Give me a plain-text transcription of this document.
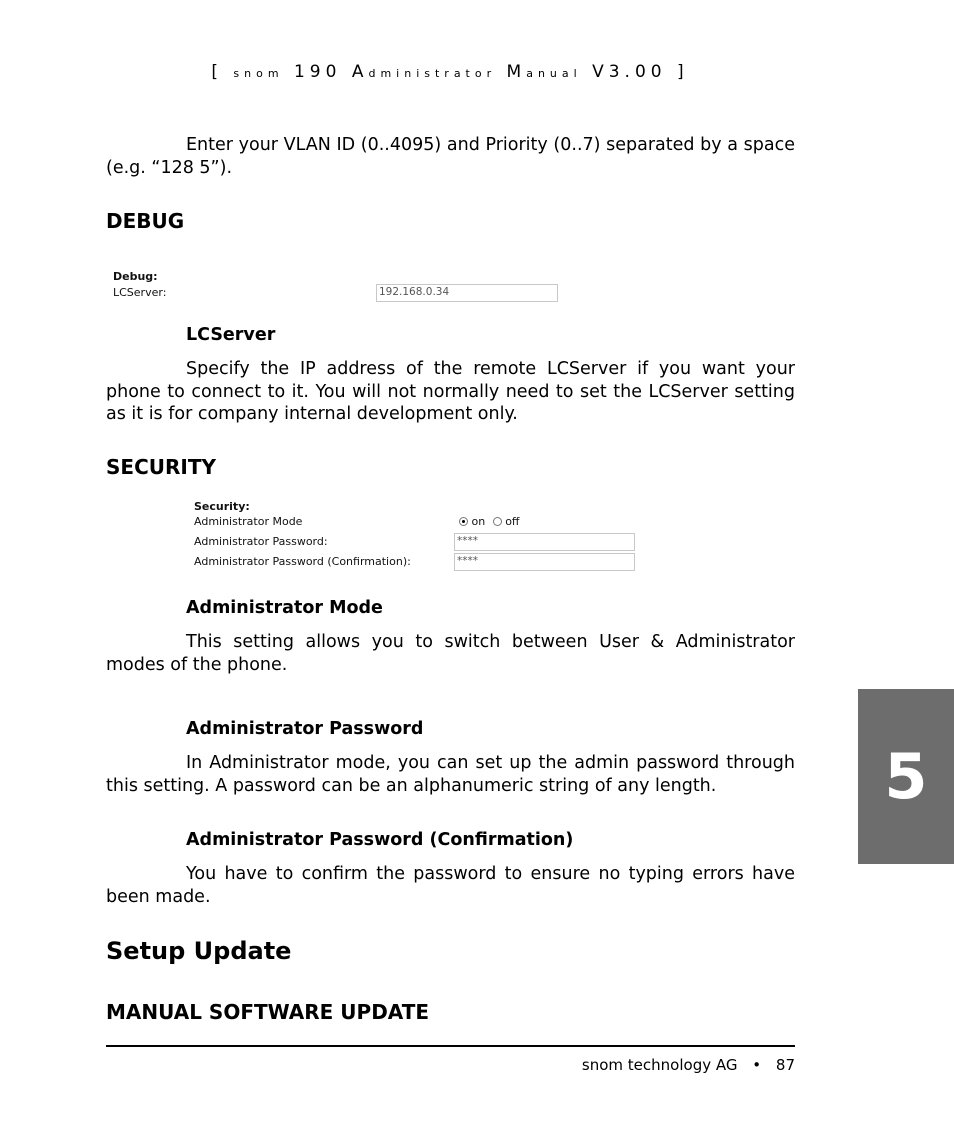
[ snom 190 Administrator Manual V3.00 ]
Enter your VLAN ID (0..4095) and Priority (0..7) separated by a space (e.g. “128 5”).
DEBUG
Debug:
LCServer:	192.168.0.34
LCServer
Specify the IP address of the remote LCServer if you want your phone to connect to it. You will not normally need to set the LCServer setting as it is for company internal development only.
SECURITY
Security:
Administrator Mode	on off
Administrator Password:	****
Administrator Password (Confirmation):	****
Administrator Mode
This setting allows you to switch between User & Administrator modes of the phone.
Administrator Password
In Administrator mode, you can set up the admin password through this setting. A password can be an alphanumeric string of any length.
Administrator Password (Confirmation)
You have to confirm the password to ensure no typing errors have been made.
Setup Update
MANUAL SOFTWARE UPDATE
5
snom technology AG • 87
